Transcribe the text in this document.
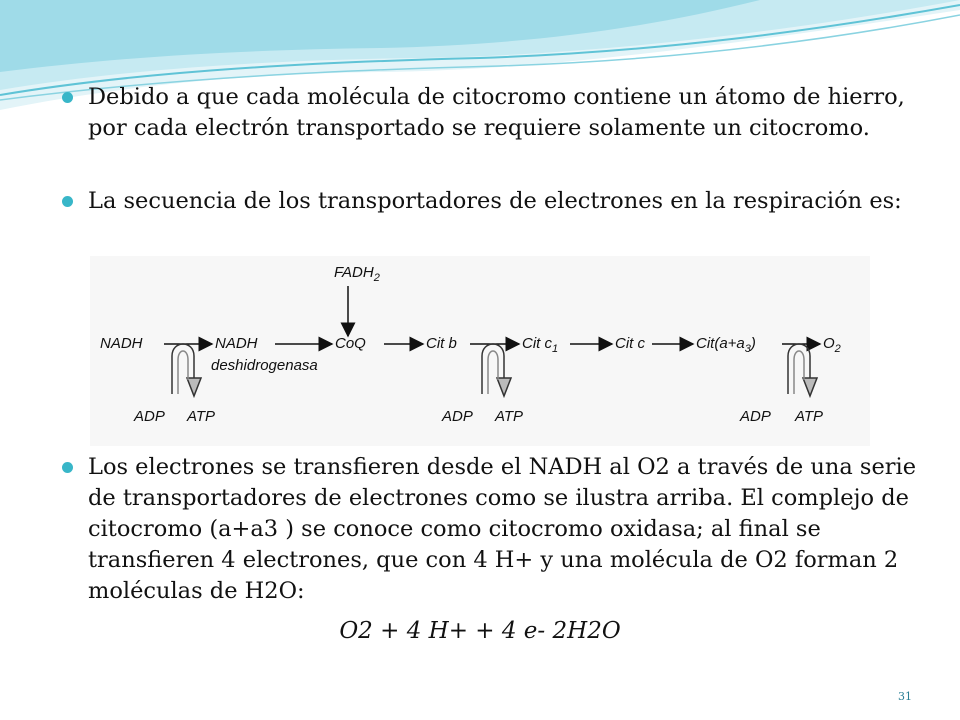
Debido a que cada molécula de citocromo contiene un átomo de hierro, por cada electrón transportado se requiere solamente un citocromo.
La secuencia de los transportadores de electrones en la respiración es:
Los electrones se transfieren desde el NADH al O2 a través de una serie de transportadores de electrones como se ilustra arriba. El complejo de citocromo (a+a3 ) se conoce como citocromo oxidasa; al final se transfieren 4 electrones, que con 4 H+ y una molécula de O2 forman 2 moléculas de H2O:
$FADH_2$
NADH	NADH
deshidrogenasa
CoQ	Cit b	Cit $c_1$	Cit c	$Cit(a+a_3)$	$O_2$
ADP ATP	ADP ATP	ADP ATP
O2 + 4 H+ + 4 e- 2H2O
31
